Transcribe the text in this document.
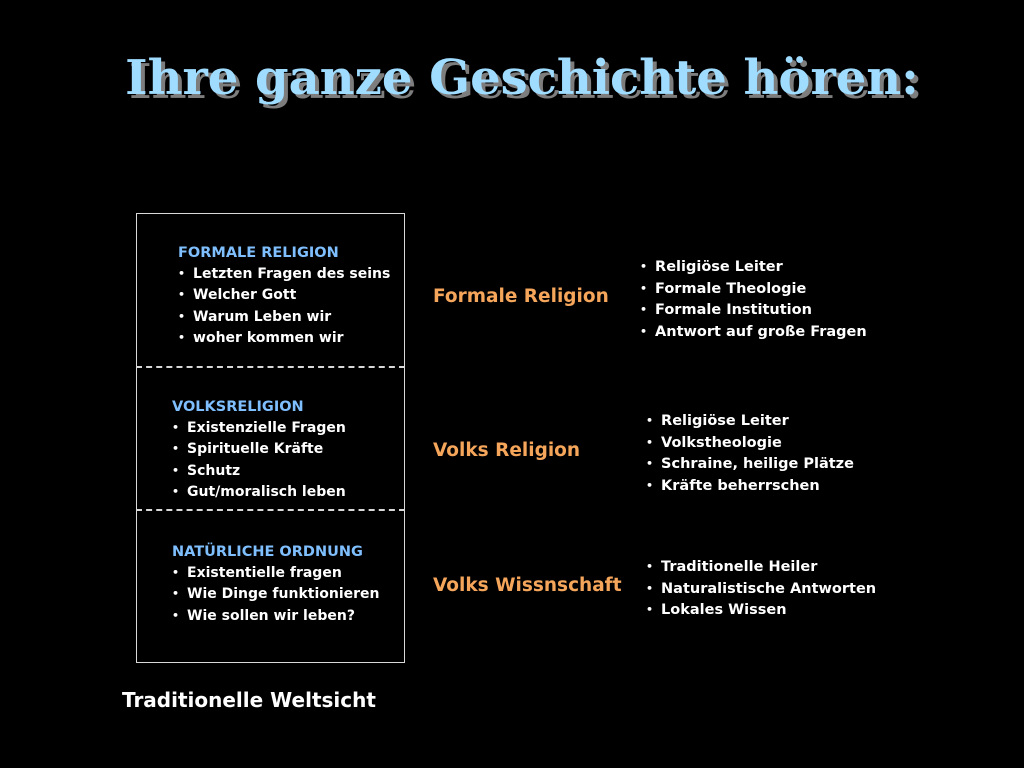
Ihre ganze Geschichte hören:
FORMALE RELIGION
• Letzten Fragen des seins
• Welcher Gott
• Warum Leben wir
• woher kommen wir
VOLKSRELIGION
• Existenzielle Fragen
• Spirituelle Kräfte
• Schutz
• Gut/moralisch leben
NATÜRLICHE ORDNUNG
• Existentielle fragen
• Wie Dinge funktionieren
• Wie sollen wir leben?
Formale Religion
Volks Religion
Volks Wissnschaft
• Religiöse Leiter
• Formale Theologie
• Formale Institution
• Antwort auf große Fragen
• Religiöse Leiter
• Volkstheologie
• Schraine, heilige Plätze
• Kräfte beherrschen
• Traditionelle Heiler
• Naturalistische Antworten
• Lokales Wissen
Traditionelle Weltsicht
